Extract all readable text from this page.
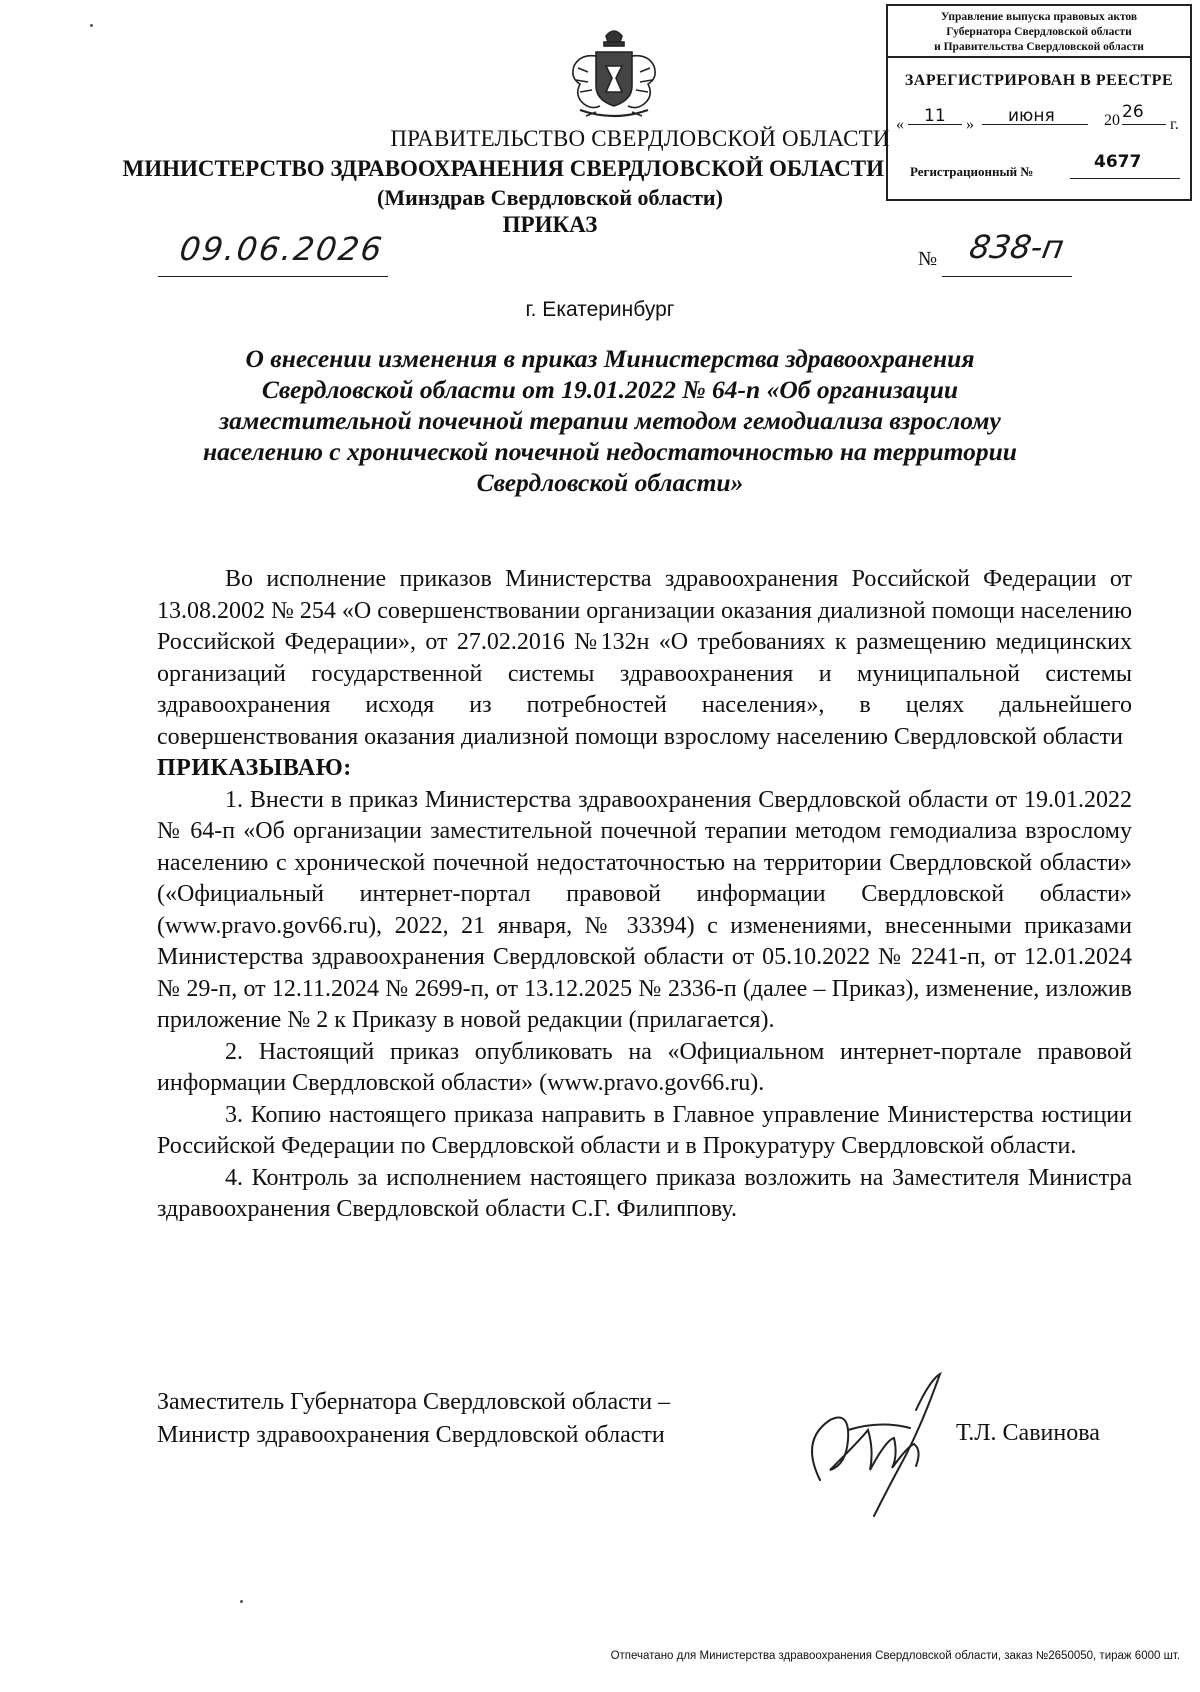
Управление выпуска правовых актов
Губернатора Свердловской области
и Правительства Свердловской области
ЗАРЕГИСТРИРОВАН В РЕЕСТРЕ
« 11 » июня	20 26
г.
Регистрационный №	4677
ПРАВИТЕЛЬСТВО СВЕРДЛОВСКОЙ ОБЛАСТИ
МИНИСТЕРСТВО ЗДРАВООХРАНЕНИЯ СВЕРДЛОВСКОЙ ОБЛАСТИ
(Минздрав Свердловской области)
ПРИКАЗ
09.06.2026	№ 838-п
г. Екатеринбург
О внесении изменения в приказ Министерства здравоохранения Свердловской области от 19.01.2022 № 64-п «Об организации заместительной почечной терапии методом гемодиализа взрослому населению с хронической почечной недостаточностью на территории Свердловской области»

Во исполнение приказов Министерства здравоохранения Российской Федерации от 13.08.2002 № 254 «О совершенствовании организации оказания диализной помощи населению Российской Федерации», от 27.02.2016 №132н «О требованиях к размещению медицинских организаций государственной системы здравоохранения и муниципальной системы здравоохранения исходя из потребностей населения», в целях дальнейшего совершенствования оказания диализной помощи взрослому населению Свердловской области

ПРИКАЗЫВАЮ:

1. Внести в приказ Министерства здравоохранения Свердловской области от 19.01.2022 № 64-п «Об организации заместительной почечной терапии методом гемодиализа взрослому населению с хронической почечной недостаточностью на территории Свердловской области» («Официальный интернет-портал правовой информации Свердловской области» (www.pravo.gov66.ru), 2022, 21 января, № 33394) с изменениями, внесенными приказами Министерства здравоохранения Свердловской области от 05.10.2022 № 2241-п, от 12.01.2024 № 29-п, от 12.11.2024 № 2699-п, от 13.12.2025 № 2336-п (далее – Приказ), изменение, изложив приложение № 2 к Приказу в новой редакции (прилагается).

2. Настоящий приказ опубликовать на «Официальном интернет-портале правовой информации Свердловской области» (www.pravo.gov66.ru).

3. Копию настоящего приказа направить в Главное управление Министерства юстиции Российской Федерации по Свердловской области и в Прокуратуру Свердловской области.

4. Контроль за исполнением настоящего приказа возложить на Заместителя Министра здравоохранения Свердловской области С.Г. Филиппову.

Заместитель Губернатора Свердловской области –
Министр здравоохранения Свердловской области	Т.Л. Савинова
Отпечатано для Министерства здравоохранения Свердловской области, заказ №2650050, тираж 6000 шт.
